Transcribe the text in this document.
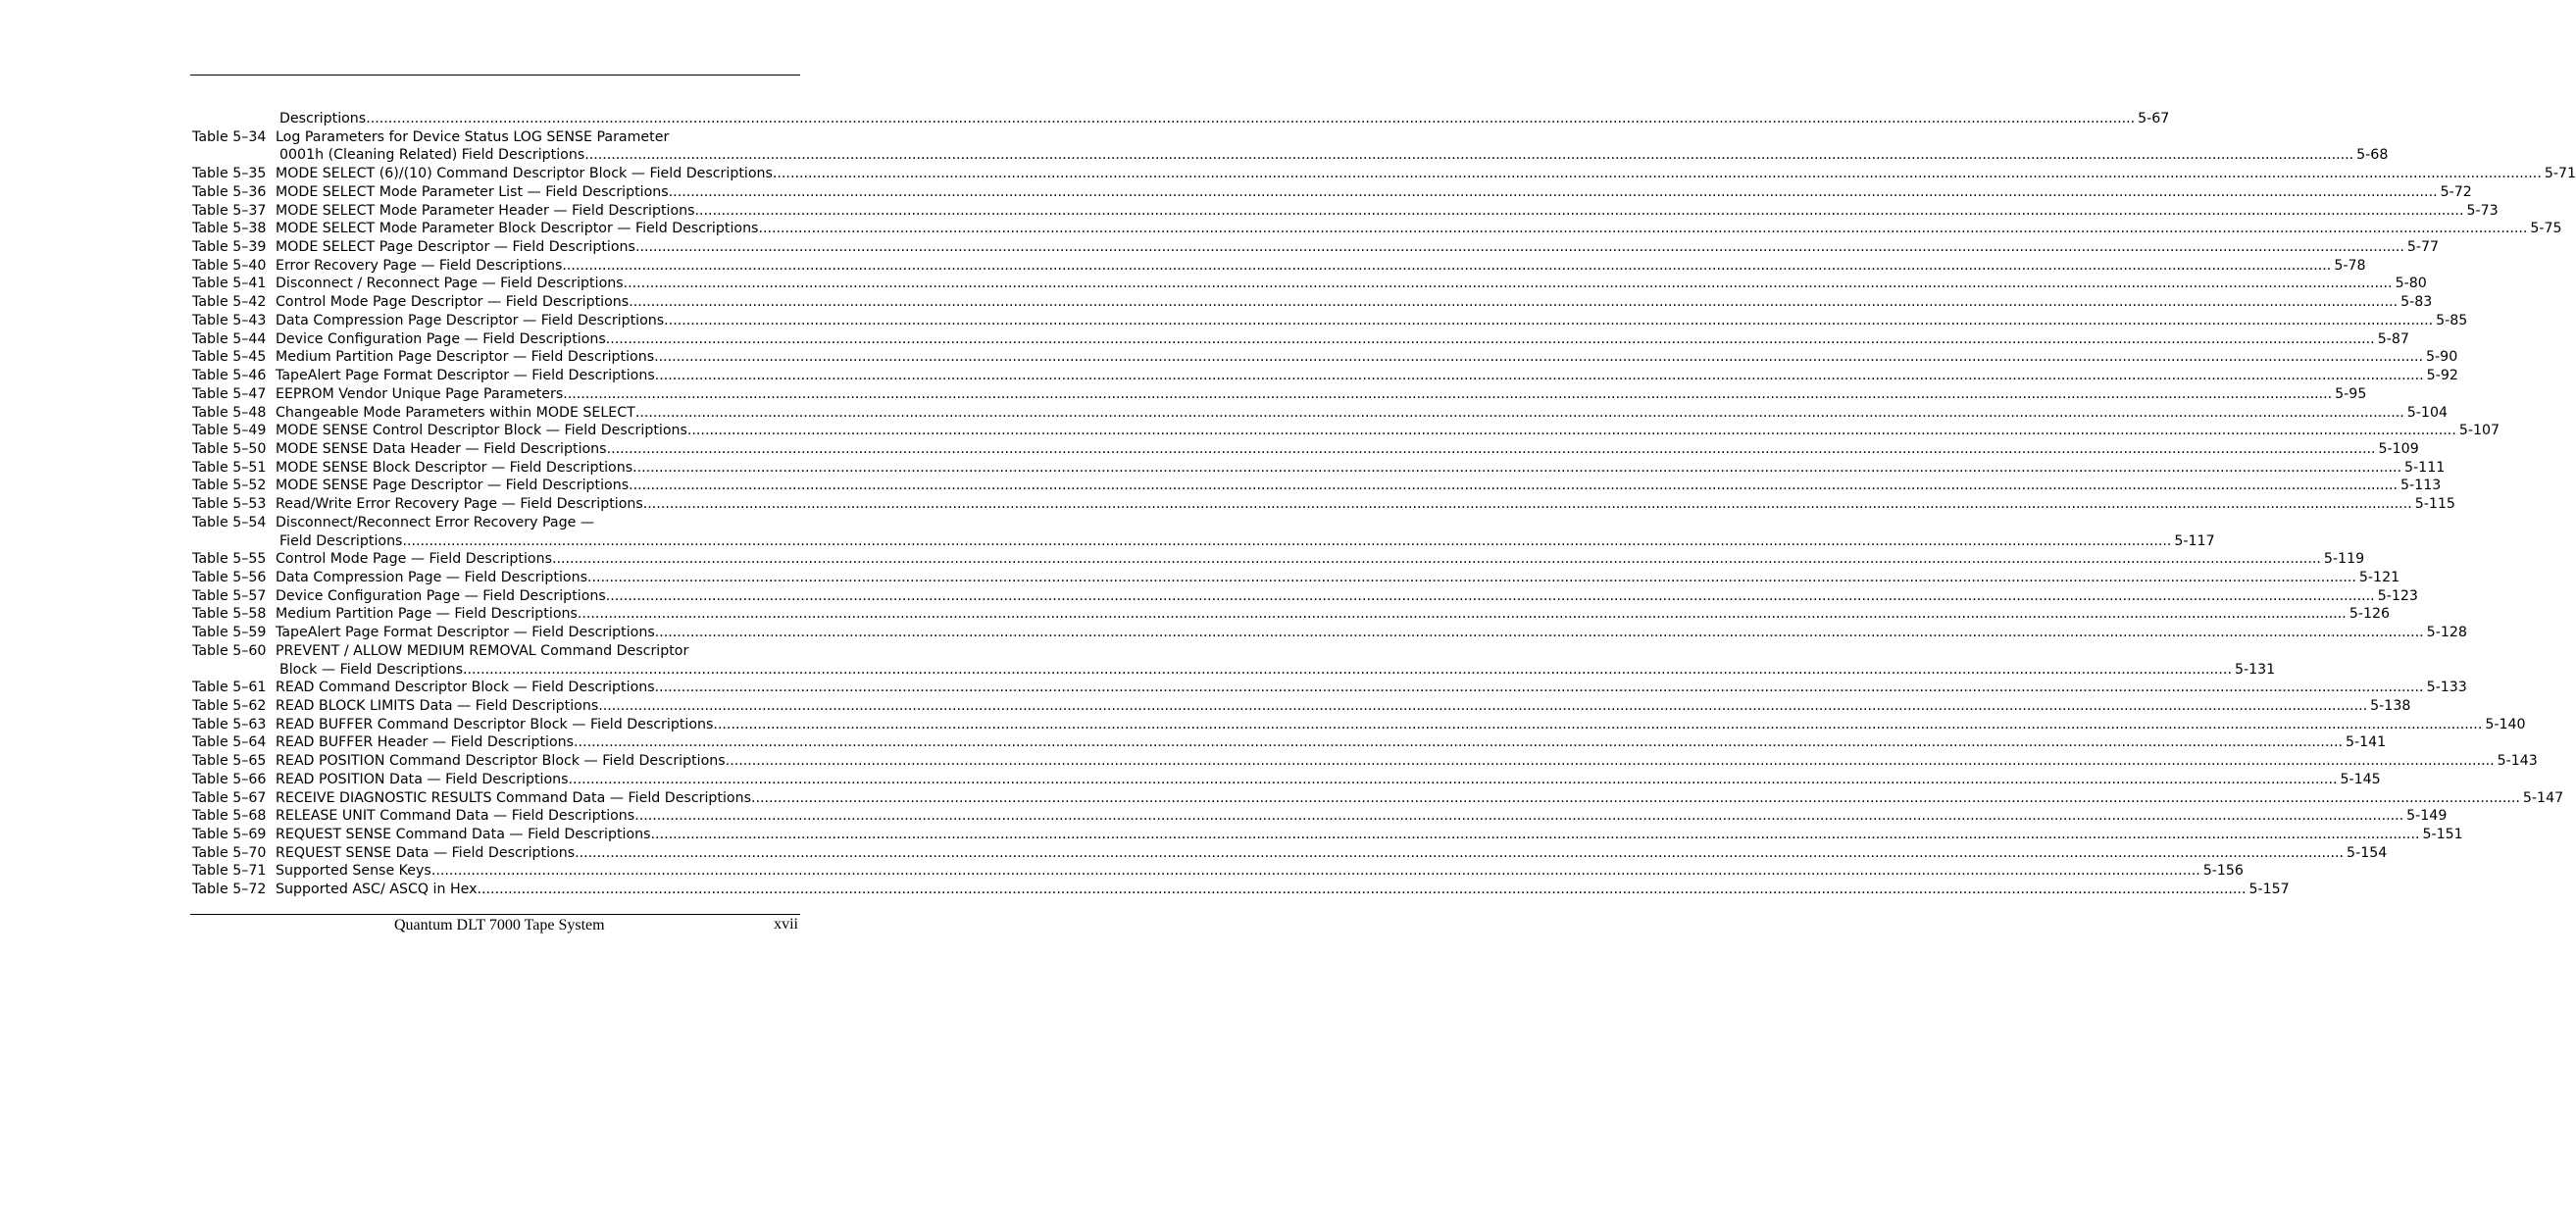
Descriptions ................................................................................................................................................................................................................................................................................................................................................................................................................ 5-67
Table 5–34 Log Parameters for Device Status LOG SENSE Parameter
0001h (Cleaning Related) Field Descriptions ................................................................................................................................................................................................................................................................................................................................................................................................................ 5-68
Table 5–35 MODE SELECT (6)/(10) Command Descriptor Block — Field Descriptions ................................................................................................................................................................................................................................................................................................................................................................................................................ 5-71
Table 5–36 MODE SELECT Mode Parameter List — Field Descriptions ................................................................................................................................................................................................................................................................................................................................................................................................................ 5-72
Table 5–37 MODE SELECT Mode Parameter Header — Field Descriptions ................................................................................................................................................................................................................................................................................................................................................................................................................ 5-73
Table 5–38 MODE SELECT Mode Parameter Block Descriptor — Field Descriptions ................................................................................................................................................................................................................................................................................................................................................................................................................ 5-75
Table 5–39 MODE SELECT Page Descriptor — Field Descriptions ................................................................................................................................................................................................................................................................................................................................................................................................................ 5-77
Table 5–40 Error Recovery Page — Field Descriptions ................................................................................................................................................................................................................................................................................................................................................................................................................ 5-78
Table 5–41 Disconnect / Reconnect Page — Field Descriptions ................................................................................................................................................................................................................................................................................................................................................................................................................ 5-80
Table 5–42 Control Mode Page Descriptor — Field Descriptions ................................................................................................................................................................................................................................................................................................................................................................................................................ 5-83
Table 5–43 Data Compression Page Descriptor — Field Descriptions ................................................................................................................................................................................................................................................................................................................................................................................................................ 5-85
Table 5–44 Device Configuration Page — Field Descriptions ................................................................................................................................................................................................................................................................................................................................................................................................................ 5-87
Table 5–45 Medium Partition Page Descriptor — Field Descriptions ................................................................................................................................................................................................................................................................................................................................................................................................................ 5-90
Table 5–46 TapeAlert Page Format Descriptor — Field Descriptions ................................................................................................................................................................................................................................................................................................................................................................................................................ 5-92
Table 5–47 EEPROM Vendor Unique Page Parameters ................................................................................................................................................................................................................................................................................................................................................................................................................ 5-95
Table 5–48 Changeable Mode Parameters within MODE SELECT ................................................................................................................................................................................................................................................................................................................................................................................................................ 5-104
Table 5–49 MODE SENSE Control Descriptor Block — Field Descriptions ................................................................................................................................................................................................................................................................................................................................................................................................................ 5-107
Table 5–50 MODE SENSE Data Header — Field Descriptions ................................................................................................................................................................................................................................................................................................................................................................................................................ 5-109
Table 5–51 MODE SENSE Block Descriptor — Field Descriptions ................................................................................................................................................................................................................................................................................................................................................................................................................ 5-111
Table 5–52 MODE SENSE Page Descriptor — Field Descriptions ................................................................................................................................................................................................................................................................................................................................................................................................................ 5-113
Table 5–53 Read/Write Error Recovery Page — Field Descriptions ................................................................................................................................................................................................................................................................................................................................................................................................................ 5-115
Table 5–54 Disconnect/Reconnect Error Recovery Page —
Field Descriptions ................................................................................................................................................................................................................................................................................................................................................................................................................ 5-117
Table 5–55 Control Mode Page — Field Descriptions ................................................................................................................................................................................................................................................................................................................................................................................................................ 5-119
Table 5–56 Data Compression Page — Field Descriptions ................................................................................................................................................................................................................................................................................................................................................................................................................ 5-121
Table 5–57 Device Configuration Page — Field Descriptions ................................................................................................................................................................................................................................................................................................................................................................................................................ 5-123
Table 5–58 Medium Partition Page — Field Descriptions ................................................................................................................................................................................................................................................................................................................................................................................................................ 5-126
Table 5–59 TapeAlert Page Format Descriptor — Field Descriptions ................................................................................................................................................................................................................................................................................................................................................................................................................ 5-128
Table 5–60 PREVENT / ALLOW MEDIUM REMOVAL Command Descriptor
Block — Field Descriptions ................................................................................................................................................................................................................................................................................................................................................................................................................ 5-131
Table 5–61 READ Command Descriptor Block — Field Descriptions ................................................................................................................................................................................................................................................................................................................................................................................................................ 5-133
Table 5–62 READ BLOCK LIMITS Data — Field Descriptions ................................................................................................................................................................................................................................................................................................................................................................................................................ 5-138
Table 5–63 READ BUFFER Command Descriptor Block — Field Descriptions ................................................................................................................................................................................................................................................................................................................................................................................................................ 5-140
Table 5–64 READ BUFFER Header — Field Descriptions ................................................................................................................................................................................................................................................................................................................................................................................................................ 5-141
Table 5–65 READ POSITION Command Descriptor Block — Field Descriptions ................................................................................................................................................................................................................................................................................................................................................................................................................ 5-143
Table 5–66 READ POSITION Data — Field Descriptions ................................................................................................................................................................................................................................................................................................................................................................................................................ 5-145
Table 5–67 RECEIVE DIAGNOSTIC RESULTS Command Data — Field Descriptions ................................................................................................................................................................................................................................................................................................................................................................................................................ 5-147
Table 5–68 RELEASE UNIT Command Data — Field Descriptions ................................................................................................................................................................................................................................................................................................................................................................................................................ 5-149
Table 5–69 REQUEST SENSE Command Data — Field Descriptions ................................................................................................................................................................................................................................................................................................................................................................................................................ 5-151
Table 5–70 REQUEST SENSE Data — Field Descriptions ................................................................................................................................................................................................................................................................................................................................................................................................................ 5-154
Table 5–71 Supported Sense Keys ................................................................................................................................................................................................................................................................................................................................................................................................................ 5-156
Table 5–72 Supported ASC/ ASCQ in Hex ................................................................................................................................................................................................................................................................................................................................................................................................................ 5-157
Quantum DLT 7000 Tape System	xvii
